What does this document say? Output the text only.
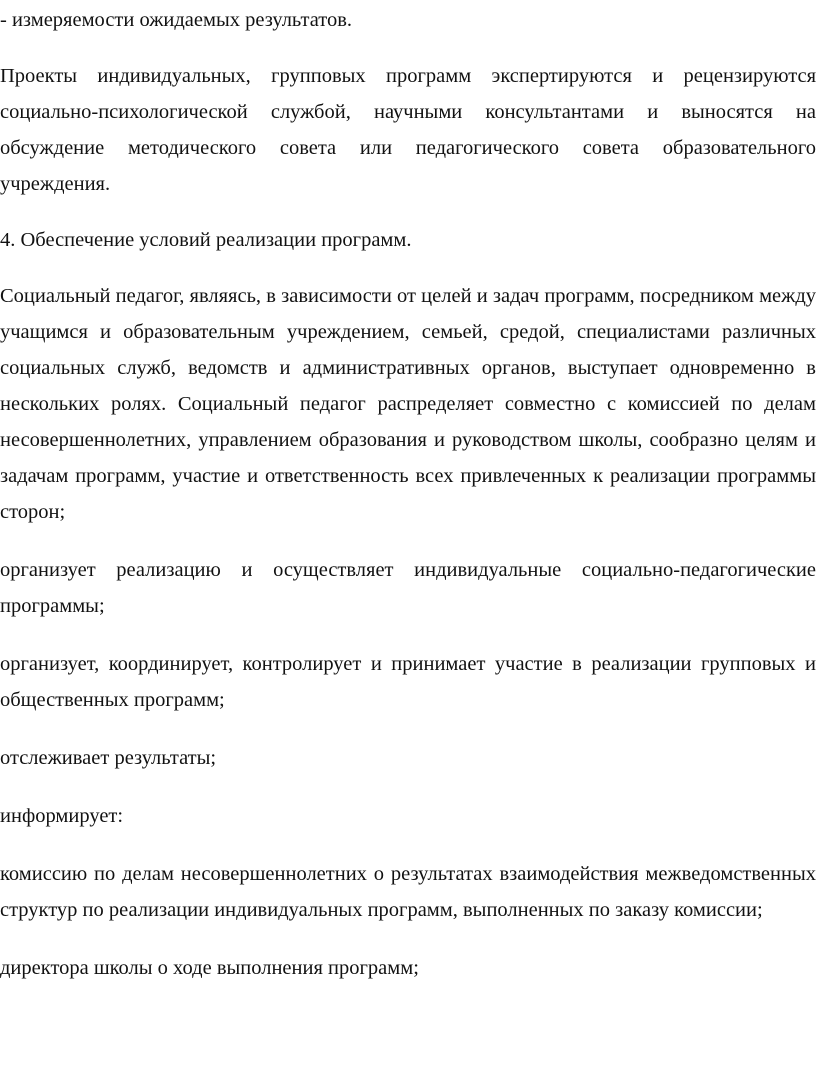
- измеряемости ожидаемых результатов.

Проекты индивидуальных, групповых программ экспертируются и рецензируются социально-психологической службой, научными консультантами и выносятся на обсуждение методического совета или педагогического совета образовательного учреждения.

4. Обеспечение условий реализации программ.

Социальный педагог, являясь, в зависимости от целей и задач программ, посредником между учащимся и образовательным учреждением, семьей, средой, специалистами различных социальных служб, ведомств и административных органов, выступает одновременно в нескольких ролях. Социальный педагог распределяет совместно с комиссией по делам несовершеннолетних, управлением образования и руководством школы, сообразно целям и задачам программ, участие и ответственность всех привлеченных к реализации программы сторон;

организует реализацию и осуществляет индивидуальные социально-педагогические программы;

организует, координирует, контролирует и принимает участие в реализации групповых и общественных программ;

отслеживает результаты;

информирует:

комиссию по делам несовершеннолетних о результатах взаимодействия межведомственных структур по реализации индивидуальных программ, выполненных по заказу комиссии;

директора школы о ходе выполнения программ;
